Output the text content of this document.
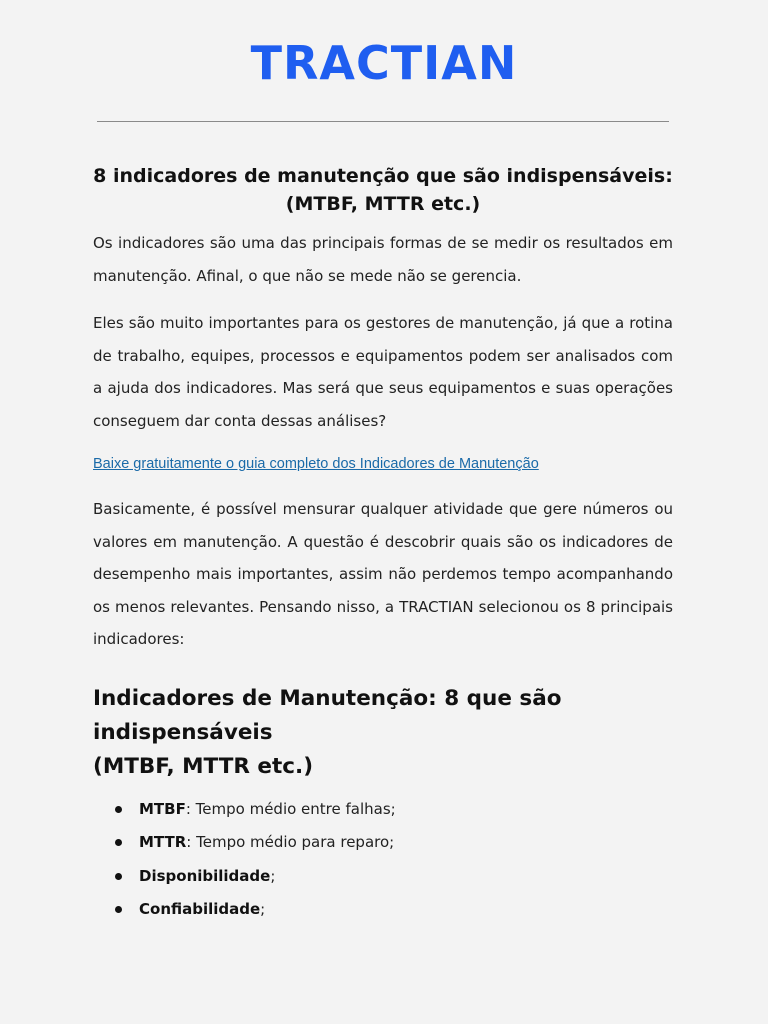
TRACTIAN
8 indicadores de manutenção que são indispensáveis:
(MTBF, MTTR etc.)

Os indicadores são uma das principais formas de se medir os resultados em manutenção. Afinal, o que não se mede não se gerencia.

Eles são muito importantes para os gestores de manutenção, já que a rotina de trabalho, equipes, processos e equipamentos podem ser analisados com a ajuda dos indicadores. Mas será que seus equipamentos e suas operações conseguem dar conta dessas análises?

Baixe gratuitamente o guia completo dos Indicadores de Manutenção

Basicamente, é possível mensurar qualquer atividade que gere números ou valores em manutenção. A questão é descobrir quais são os indicadores de desempenho mais importantes, assim não perdemos tempo acompanhando os menos relevantes. Pensando nisso, a TRACTIAN selecionou os 8 principais indicadores:

Indicadores de Manutenção: 8 que são indispensáveis
(MTBF, MTTR etc.)
MTBF: Tempo médio entre falhas;
MTTR: Tempo médio para reparo;
Disponibilidade;
Confiabilidade;
